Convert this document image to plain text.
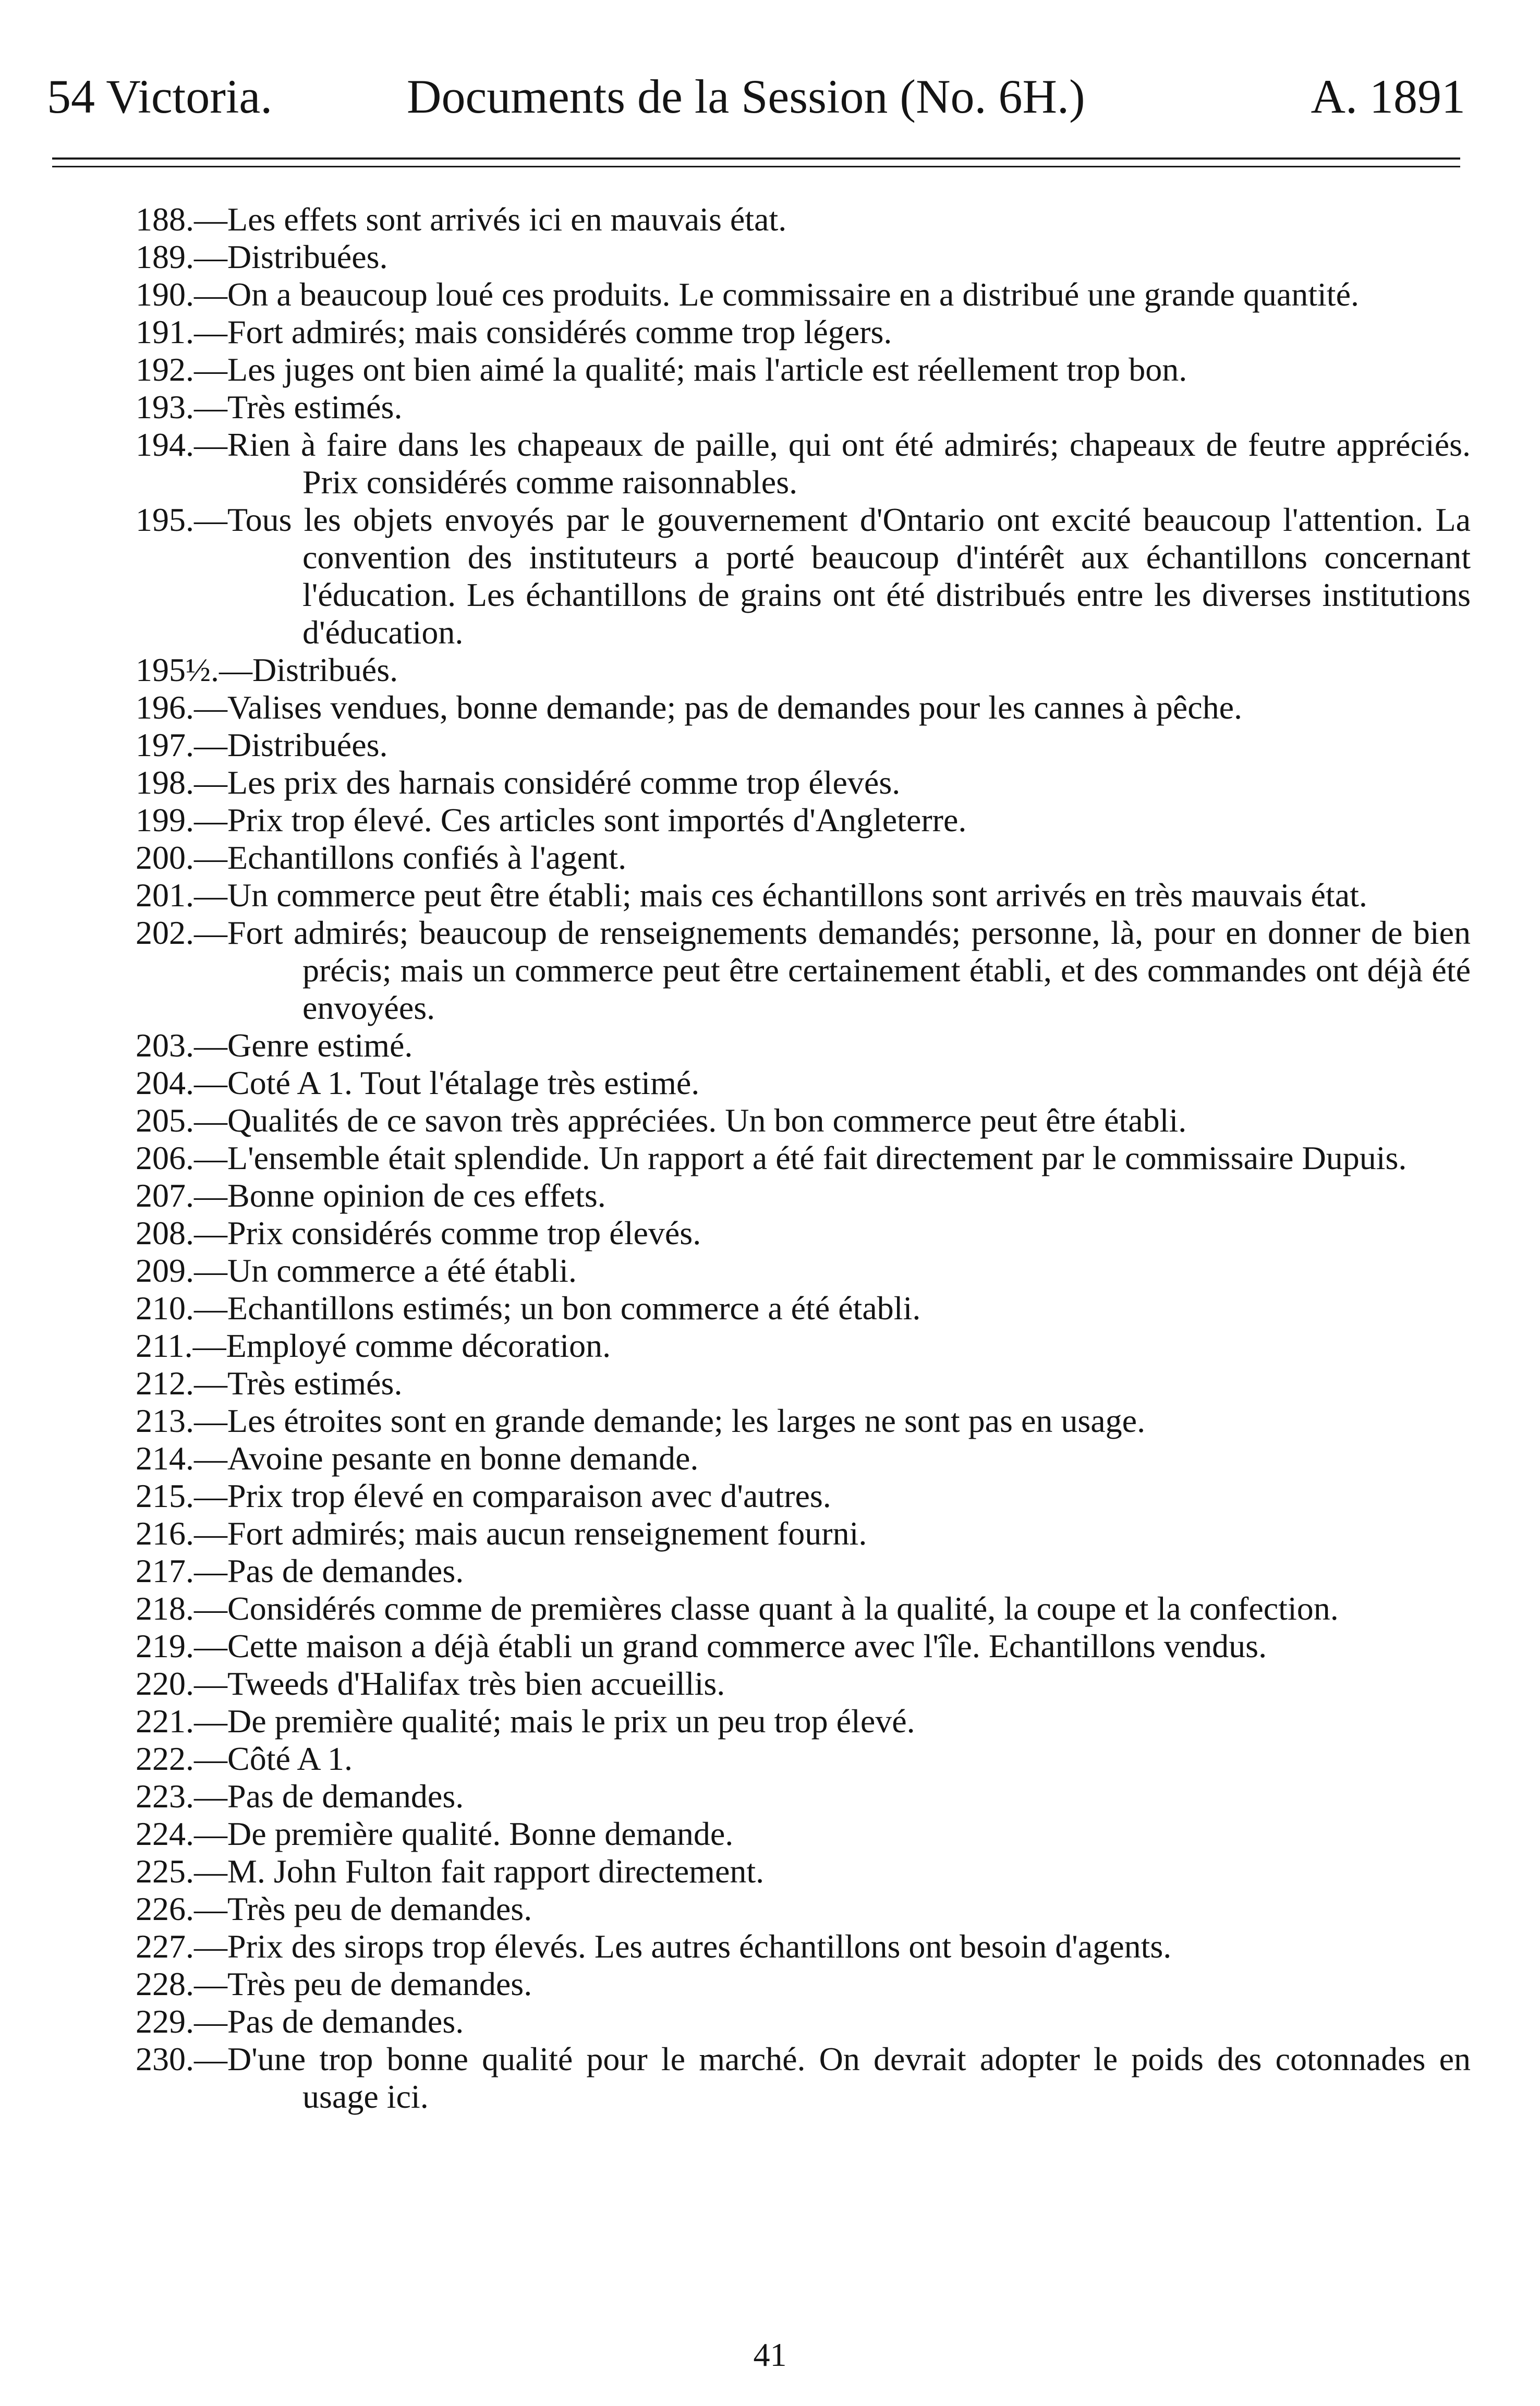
54 Victoria.	Documents de la Session (No. 6H.)	A. 1891

188.—Les effets sont arrivés ici en mauvais état.

189.—Distribuées.

190.—On a beaucoup loué ces produits. Le commissaire en a distribué une grande quantité.

191.—Fort admirés; mais considérés comme trop légers.

192.—Les juges ont bien aimé la qualité; mais l'article est réellement trop bon.

193.—Très estimés.

194.—Rien à faire dans les chapeaux de paille, qui ont été admirés; chapeaux de feutre appréciés. Prix considérés comme raisonnables.

195.—Tous les objets envoyés par le gouvernement d'Ontario ont excité beaucoup l'attention. La convention des instituteurs a porté beaucoup d'intérêt aux échantillons concernant l'éducation. Les échantillons de grains ont été distribués entre les diverses institutions d'éducation.

195½.—Distribués.

196.—Valises vendues, bonne demande; pas de demandes pour les cannes à pêche.

197.—Distribuées.

198.—Les prix des harnais considéré comme trop élevés.

199.—Prix trop élevé. Ces articles sont importés d'Angleterre.

200.—Echantillons confiés à l'agent.

201.—Un commerce peut être établi; mais ces échantillons sont arrivés en très mauvais état.

202.—Fort admirés; beaucoup de renseignements demandés; personne, là, pour en donner de bien précis; mais un commerce peut être certainement établi, et des commandes ont déjà été envoyées.

203.—Genre estimé.

204.—Coté A 1. Tout l'étalage très estimé.

205.—Qualités de ce savon très appréciées. Un bon commerce peut être établi.

206.—L'ensemble était splendide. Un rapport a été fait directement par le commissaire Dupuis.

207.—Bonne opinion de ces effets.

208.—Prix considérés comme trop élevés.

209.—Un commerce a été établi.

210.—Echantillons estimés; un bon commerce a été établi.

211.—Employé comme décoration.

212.—Très estimés.

213.—Les étroites sont en grande demande; les larges ne sont pas en usage.

214.—Avoine pesante en bonne demande.

215.—Prix trop élevé en comparaison avec d'autres.

216.—Fort admirés; mais aucun renseignement fourni.

217.—Pas de demandes.

218.—Considérés comme de premières classe quant à la qualité, la coupe et la confection.

219.—Cette maison a déjà établi un grand commerce avec l'île. Echantillons vendus.

220.—Tweeds d'Halifax très bien accueillis.

221.—De première qualité; mais le prix un peu trop élevé.

222.—Côté A 1.

223.—Pas de demandes.

224.—De première qualité. Bonne demande.

225.—M. John Fulton fait rapport directement.

226.—Très peu de demandes.

227.—Prix des sirops trop élevés. Les autres échantillons ont besoin d'agents.

228.—Très peu de demandes.

229.—Pas de demandes.

230.—D'une trop bonne qualité pour le marché. On devrait adopter le poids des cotonnades en usage ici.

41
